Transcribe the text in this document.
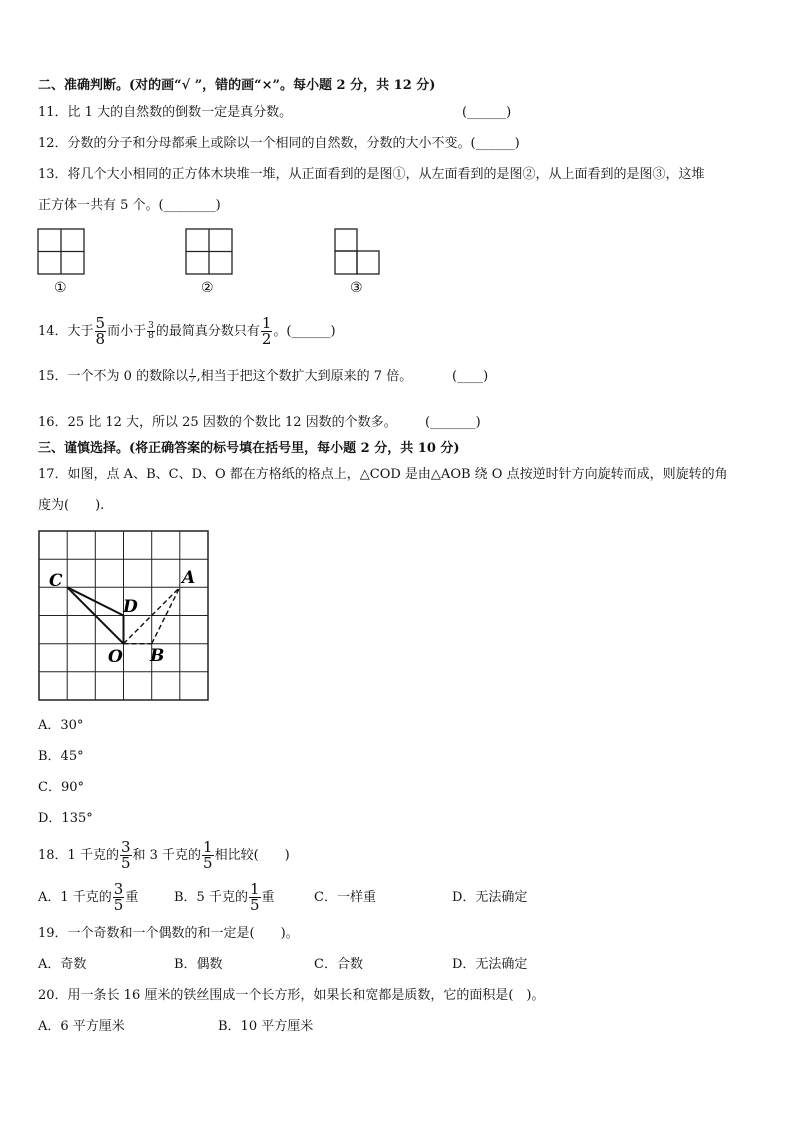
二、准确判断。(对的画“√ ”，错的画“×”。每小题 2 分，共 12 分)
11．比 1 大的自然数的倒数一定是真分数。	(______)
12．分数的分子和分母都乘上或除以一个相同的自然数，分数的大小不变。(______)
13．将几个大小相同的正方体木块堆一堆，从正面看到的是图①，从左面看到的是图②，从上面看到的是图③，这堆
正方体一共有 5 个。(________)
①	②	③
14．大于 $\frac{5}{8}$ 而小于 $\frac{3}{8}$ 的最简真分数只有 $\frac{1}{2}$ 。(______)
15．一个不为 0 的数除以 $\frac{1}{7}$ ,相当于把这个数扩大到原来的 7 倍。	(____)
16．25 比 12 大，所以 25 因数的个数比 12 因数的个数多。 (_______)
三、谨慎选择。(将正确答案的标号填在括号里，每小题 2 分，共 10 分)
17．如图，点 A、B、C、D、O 都在方格纸的格点上，△COD 是由△AOB 绕 O 点按逆时针方向旋转而成，则旋转的角
度为(　　).
C	A
D
O B
A．30°
B．45°
C．90°
D．135°
18．1 千克的 $\frac{3}{5}$ 和 3 千克的 $\frac{1}{5}$ 相比较(　　)
A．1 千克的 $\frac{3}{5}$ 重	B．5 千克的 $\frac{1}{5}$ 重	C．一样重	D．无法确定
19．一个奇数和一个偶数的和一定是(　　)。
A．奇数	B．偶数	C．合数	D．无法确定
20．用一条长 16 厘米的铁丝围成一个长方形，如果长和宽都是质数，它的面积是(　)。
A．6 平方厘米	B．10 平方厘米
